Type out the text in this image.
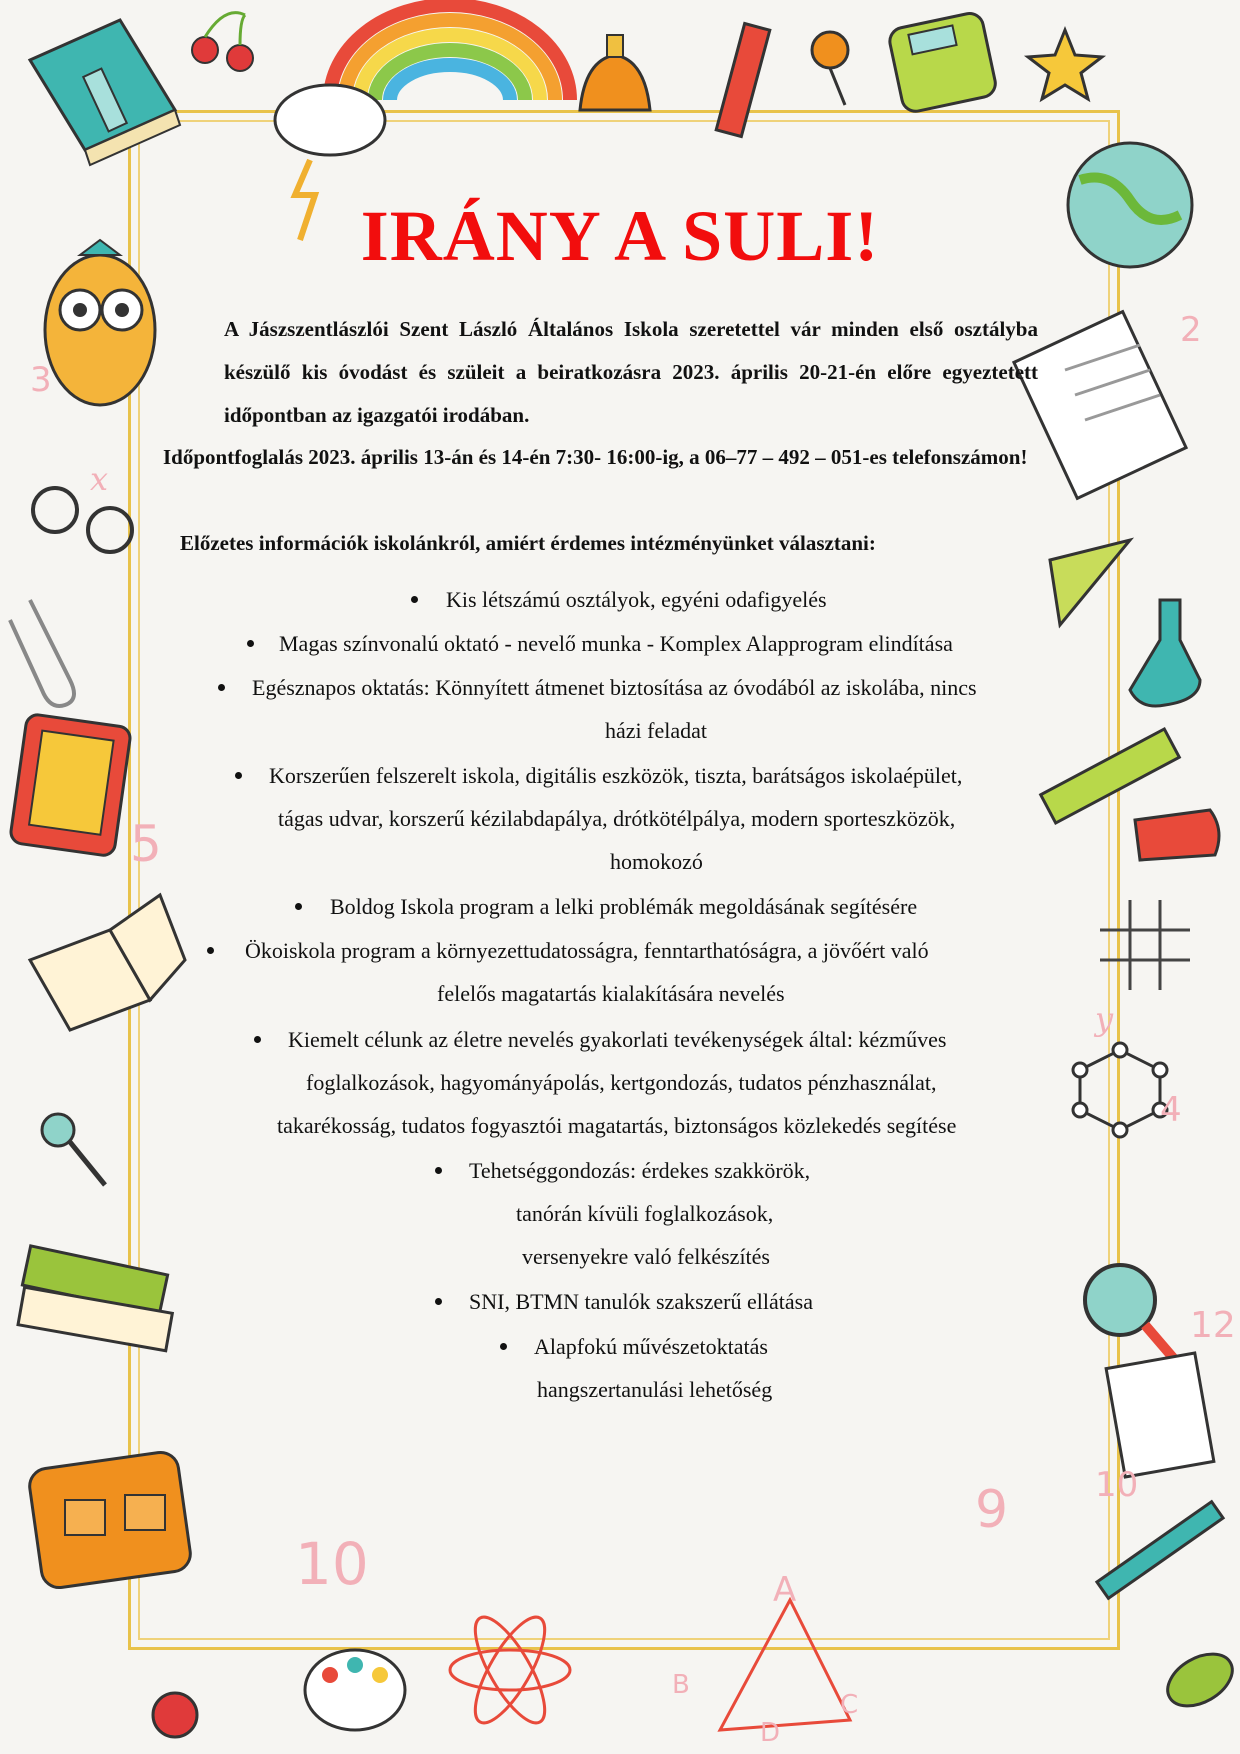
10
5
9
12
10
4
2
3
A
B
C
D
x
y
IRÁNY A SULI!

A Jászszentlászlói Szent László Általános Iskola szeretettel vár minden első osztályba készülő kis óvodást és szüleit a beiratkozásra 2023. április 20-21-én előre egyeztetett időpontban az igazgatói irodában.

Időpontfoglalás 2023. április 13-án és 14-én 7:30- 16:00-ig, a 06–77 – 492 – 051-es telefonszámon!

Előzetes információk iskolánkról, amiért érdemes intézményünket választani:

Kis létszámú osztályok, egyéni odafigyelés

Magas színvonalú oktató - nevelő munka - Komplex Alapprogram elindítása

Egésznapos oktatás: Könnyített átmenet biztosítása az óvodából az iskolába, nincs

házi feladat

Korszerűen felszerelt iskola, digitális eszközök, tiszta, barátságos iskolaépület,

tágas udvar, korszerű kézilabdapálya, drótkötélpálya, modern sporteszközök,

homokozó

Boldog Iskola program a lelki problémák megoldásának segítésére

Ökoiskola program a környezettudatosságra, fenntarthatóságra, a jövőért való

felelős magatartás kialakítására nevelés

Kiemelt célunk az életre nevelés gyakorlati tevékenységek által: kézműves

foglalkozások, hagyományápolás, kertgondozás, tudatos pénzhasználat,

takarékosság, tudatos fogyasztói magatartás, biztonságos közlekedés segítése

Tehetséggondozás: érdekes szakkörök,

tanórán kívüli foglalkozások,

versenyekre való felkészítés

SNI, BTMN tanulók szakszerű ellátása

Alapfokú művészetoktatás

hangszertanulási lehetőség
